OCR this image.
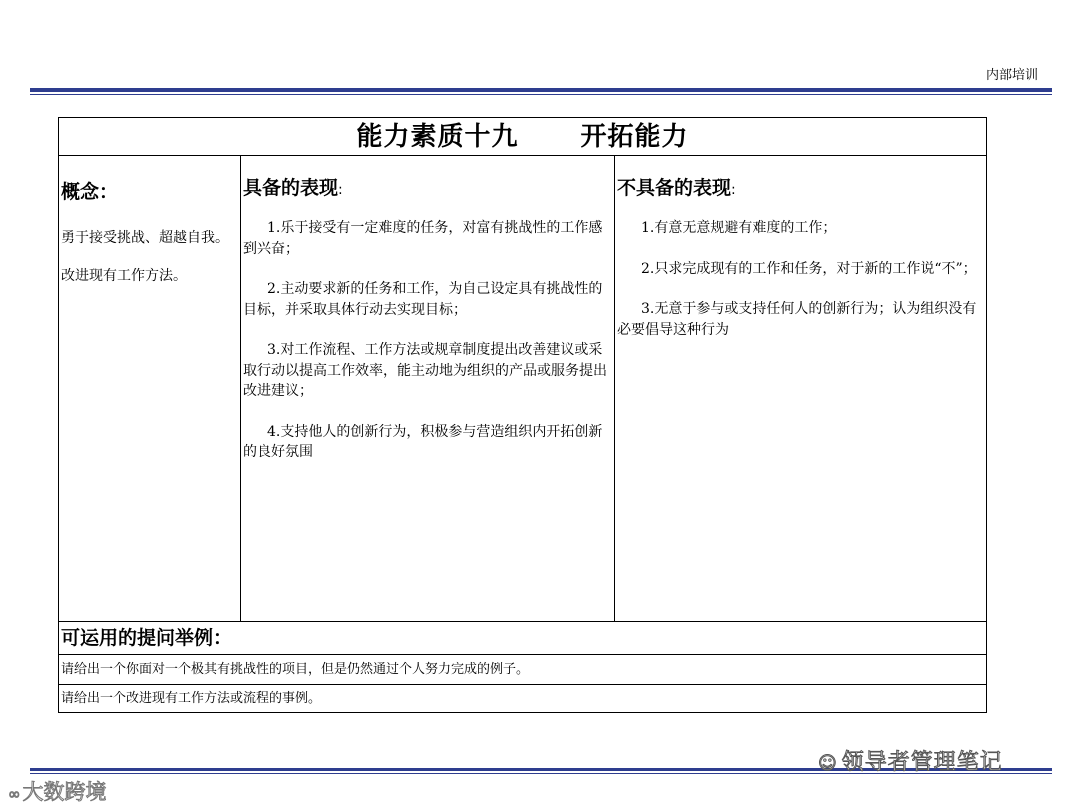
内部培训
能力素质十九 开拓能力
概念：

勇于接受挑战、超越自我。

改进现有工作方法。

具备的表现:

1.乐于接受有一定难度的任务，对富有挑战性的工作感到兴奋；

2.主动要求新的任务和工作，为自己设定具有挑战性的目标，并采取具体行动去实现目标；

3.对工作流程、工作方法或规章制度提出改善建议或采取行动以提高工作效率，能主动地为组织的产品或服务提出改进建议；

4.支持他人的创新行为，积极参与营造组织内开拓创新的良好氛围

不具备的表现:

1.有意无意规避有难度的工作；

2.只求完成现有的工作和任务，对于新的工作说“不”；

3.无意于参与或支持任何人的创新行为；认为组织没有必要倡导这种行为

可运用的提问举例：
请给出一个你面对一个极其有挑战性的项目，但是仍然通过个人努力完成的例子。
请给出一个改进现有工作方法或流程的事例。
☺ 领导者管理笔记
∞大数跨境
